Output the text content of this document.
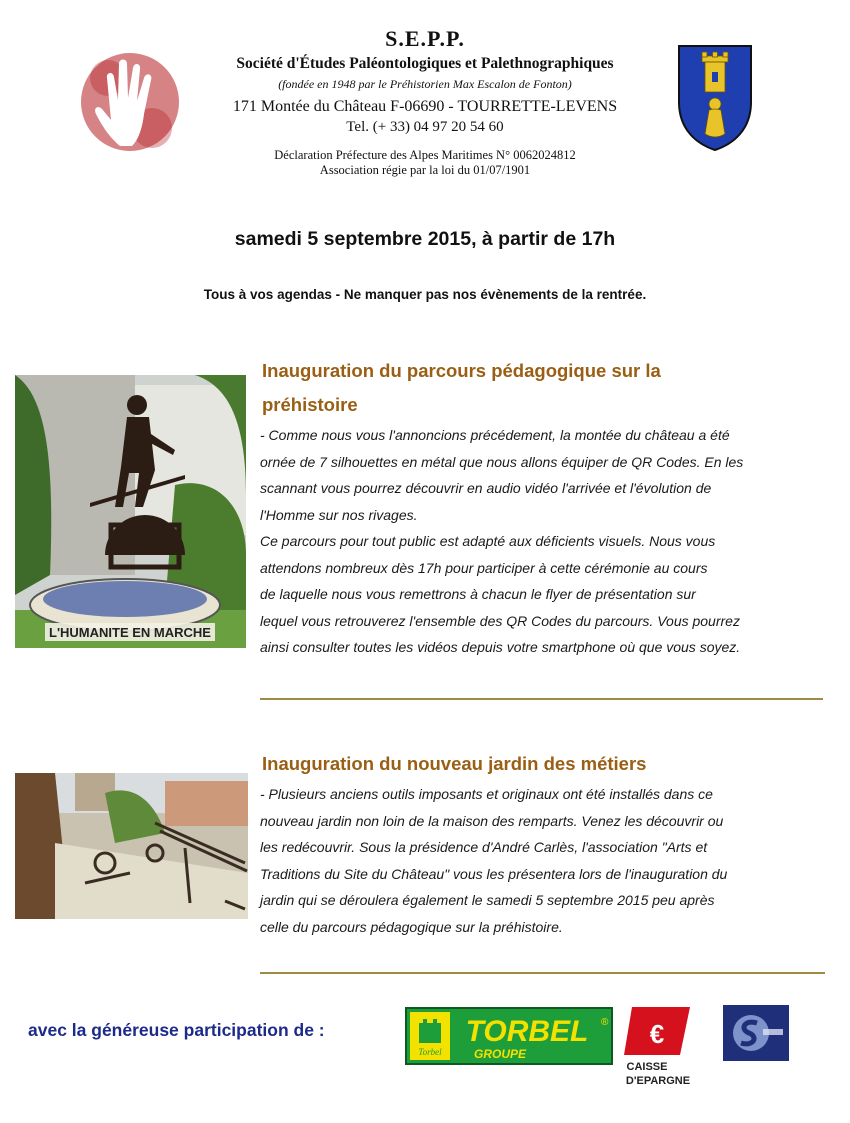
S.E.P.P.
Société d'Études Paléontologiques et Palethnographiques
(fondée en 1948 par le Préhistorien Max Escalon de Fonton)
171 Montée du Château F-06690 - TOURRETTE-LEVENS
Tel. (+ 33) 04 97 20 54 60
Déclaration Préfecture des Alpes Maritimes N° 0062024812
Association régie par la loi du 01/07/1901
samedi 5 septembre 2015, à partir de 17h
Tous à vos agendas - Ne manquer pas nos évènements de la rentrée.
L'HUMANITE EN MARCHE
Inauguration du parcours pédagogique sur la
préhistoire

- Comme nous vous l'annoncions précédement, la montée du château a été

ornée de 7 silhouettes en métal que nous allons équiper de QR Codes. En les

scannant vous pourrez découvrir en audio vidéo l'arrivée et l'évolution de

l'Homme sur nos rivages.

Ce parcours pour tout public est adapté aux déficients visuels. Nous vous

attendons nombreux dès 17h pour participer à cette cérémonie au cours

de laquelle nous vous remettrons à chacun le flyer de présentation sur

lequel vous retrouverez l'ensemble des QR Codes du parcours. Vous pourrez

ainsi consulter toutes les vidéos depuis votre smartphone où que vous soyez.

Inauguration du nouveau jardin des métiers

- Plusieurs anciens outils imposants et originaux ont été installés dans ce

nouveau jardin non loin de la maison des remparts. Venez les découvrir ou

les redécouvrir. Sous la présidence d'André Carlès, l'association "Arts et

Traditions du Site du Château" vous les présentera lors de l'inauguration du

jardin qui se déroulera également le samedi 5 septembre 2015 peu après

celle du parcours pédagogique sur la préhistoire.

avec la généreuse participation de :
Torbel
TORBEL ®
GROUPE
€
CAISSE
D'EPARGNE
